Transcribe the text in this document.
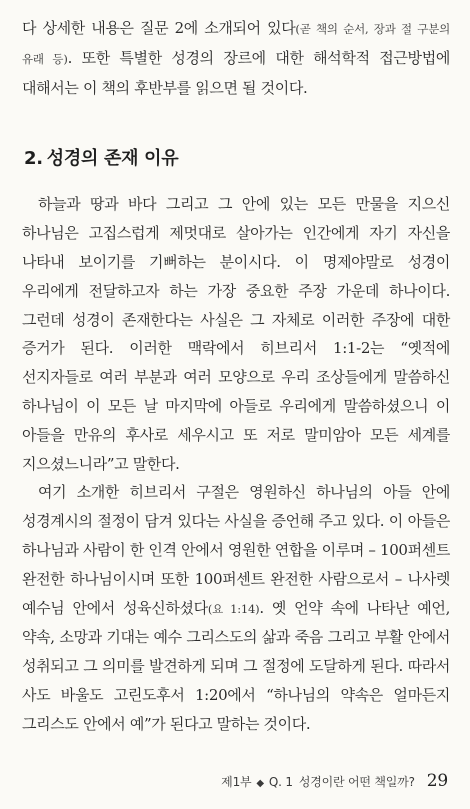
다 상세한 내용은 질문 2에 소개되어 있다(곧 책의 순서, 장과 절 구분의 유래 등). 또한 특별한 성경의 장르에 대한 해석학적 접근방법에 대해서는 이 책의 후반부를 읽으면 될 것이다.

2. 성경의 존재 이유

하늘과 땅과 바다 그리고 그 안에 있는 모든 만물을 지으신 하나님은 고집스럽게 제멋대로 살아가는 인간에게 자기 자신을 나타내 보이기를 기뻐하는 분이시다. 이 명제야말로 성경이 우리에게 전달하고자 하는 가장 중요한 주장 가운데 하나이다. 그런데 성경이 존재한다는 사실은 그 자체로 이러한 주장에 대한 증거가 된다. 이러한 맥락에서 히브리서 1:1-2는 “옛적에 선지자들로 여러 부분과 여러 모양으로 우리 조상들에게 말씀하신 하나님이 이 모든 날 마지막에 아들로 우리에게 말씀하셨으니 이 아들을 만유의 후사로 세우시고 또 저로 말미암아 모든 세계를 지으셨느니라”고 말한다.

여기 소개한 히브리서 구절은 영원하신 하나님의 아들 안에 성경계시의 절정이 담겨 있다는 사실을 증언해 주고 있다. 이 아들은 하나님과 사람이 한 인격 안에서 영원한 연합을 이루며 – 100퍼센트 완전한 하나님이시며 또한 100퍼센트 완전한 사람으로서 – 나사렛 예수님 안에서 성육신하셨다(요 1:14). 옛 언약 속에 나타난 예언, 약속, 소망과 기대는 예수 그리스도의 삶과 죽음 그리고 부활 안에서 성취되고 그 의미를 발견하게 되며 그 절정에 도달하게 된다. 따라서 사도 바울도 고린도후서 1:20에서 “하나님의 약속은 얼마든지 그리스도 안에서 예”가 된다고 말하는 것이다.

제1부 ◆ Q. 1 성경이란 어떤 책일까? 29
